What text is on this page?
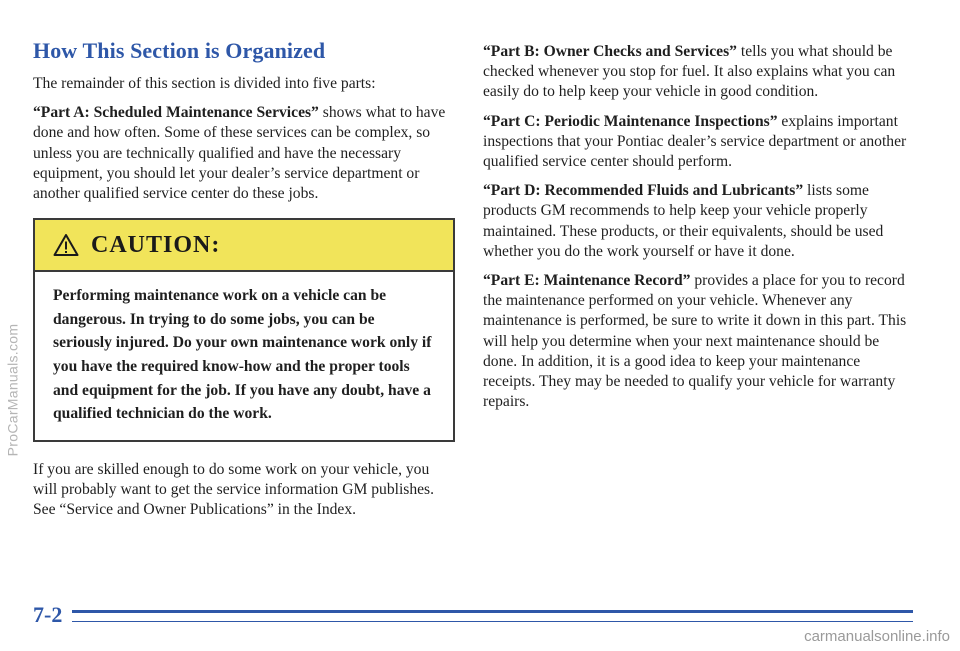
ProCarManuals.com
How This Section is Organized

The remainder of this section is divided into five parts:

“Part A: Scheduled Maintenance Services” shows what to have done and how often. Some of these services can be complex, so unless you are technically qualified and have the necessary equipment, you should let your dealer’s service department or another qualified service center do these jobs.

CAUTION:
Performing maintenance work on a vehicle can be dangerous. In trying to do some jobs, you can be seriously injured. Do your own maintenance work only if you have the required know-how and the proper tools and equipment for the job. If you have any doubt, have a qualified technician do the work.

If you are skilled enough to do some work on your vehicle, you will probably want to get the service information GM publishes. See “Service and Owner Publications” in the Index.

“Part B: Owner Checks and Services” tells you what should be checked whenever you stop for fuel. It also explains what you can easily do to help keep your vehicle in good condition.

“Part C: Periodic Maintenance Inspections” explains important inspections that your Pontiac dealer’s service department or another qualified service center should perform.

“Part D: Recommended Fluids and Lubricants” lists some products GM recommends to help keep your vehicle properly maintained. These products, or their equivalents, should be used whether you do the work yourself or have it done.

“Part E: Maintenance Record” provides a place for you to record the maintenance performed on your vehicle. Whenever any maintenance is performed, be sure to write it down in this part. This will help you determine when your next maintenance should be done. In addition, it is a good idea to keep your maintenance receipts. They may be needed to qualify your vehicle for warranty repairs.

7-2
carmanualsonline.info
